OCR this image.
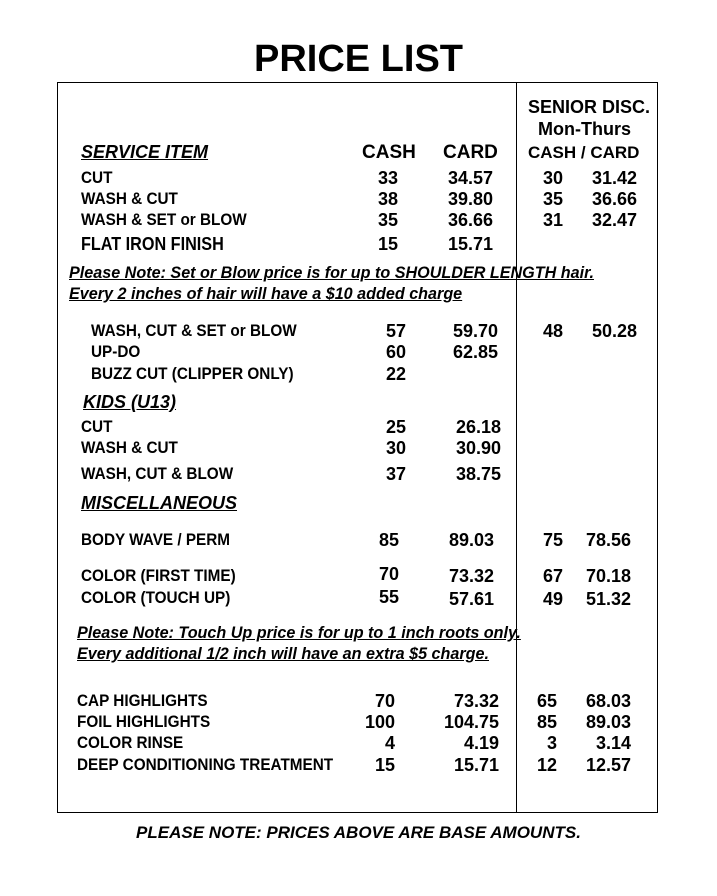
PRICE LIST
SENIOR DISC.
Mon-Thurs
CASH / CARD
SERVICE ITEM	CASH CARD
CUT	33	34.57	30	31.42
WASH & CUT	38	39.80	35	36.66
WASH & SET or BLOW	35	36.66	31	32.47
FLAT IRON FINISH	15	15.71
Please Note: Set or Blow price is for up to SHOULDER LENGTH hair.
Every 2 inches of hair will have a $10 added charge
WASH, CUT & SET or BLOW	57	59.70	48	50.28
UP-DO	60	62.85
BUZZ CUT (CLIPPER ONLY)	22
KIDS (U13)
CUT	25	26.18
WASH & CUT	30	30.90
WASH, CUT & BLOW	37	38.75
MISCELLANEOUS
BODY WAVE / PERM	85	89.03	75	78.56
COLOR (FIRST TIME)	70	73.32	67	70.18
COLOR (TOUCH UP)	55	57.61	49	51.32
Please Note: Touch Up price is for up to 1 inch roots only.
Every additional 1/2 inch will have an extra $5 charge.
CAP HIGHLIGHTS	70	73.32	65	68.03
FOIL HIGHLIGHTS	100	104.75	85	89.03
COLOR RINSE	4	4.19	3	3.14
DEEP CONDITIONING TREATMENT	15	15.71	12	12.57
PLEASE NOTE: PRICES ABOVE ARE BASE AMOUNTS.
